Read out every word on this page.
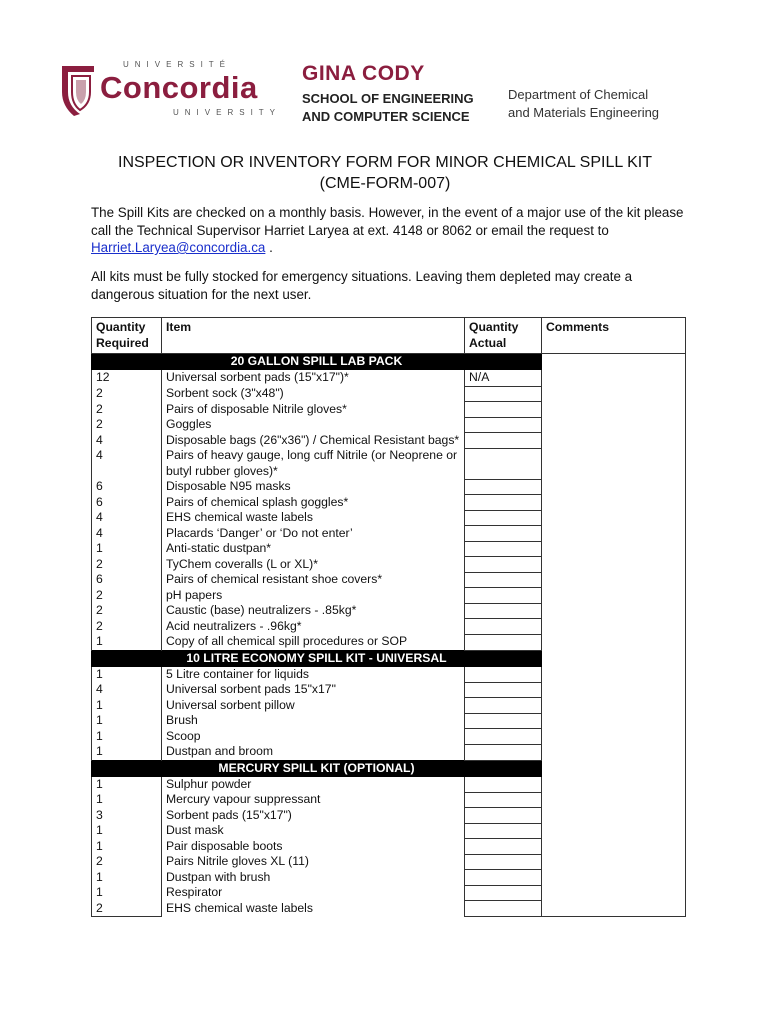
UNIVERSITÉ
Concordia
UNIVERSITY
GINA CODY
SCHOOL OF ENGINEERING
AND COMPUTER SCIENCE
Department of Chemical
and Materials Engineering
INSPECTION OR INVENTORY FORM FOR MINOR CHEMICAL SPILL KIT
(CME-FORM-007)
The Spill Kits are checked on a monthly basis. However, in the event of a major use of the kit please call the Technical Supervisor Harriet Laryea at ext. 4148 or 8062 or email the request to Harriet.Laryea@concordia.ca .
All kits must be fully stocked for emergency situations. Leaving them depleted may create a dangerous situation for the next user.
Quantity Required	Item	Quantity Actual	Comments
20 GALLON SPILL LAB PACK			
12	Universal sorbent pads (15"x17")*	N/A	
2	Sorbent sock (3"x48")		
2	Pairs of disposable Nitrile gloves*		
2	Goggles		
4	Disposable bags (26"x36") / Chemical Resistant bags*		
4	Pairs of heavy gauge, long cuff Nitrile (or Neoprene or butyl rubber gloves)*		
6	Disposable N95 masks		
6	Pairs of chemical splash goggles*		
4	EHS chemical waste labels		
4	Placards ‘Danger’ or ‘Do not enter’		
1	Anti-static dustpan*		
2	TyChem coveralls (L or XL)*		
6	Pairs of chemical resistant shoe covers*		
2	pH papers		
2	Caustic (base) neutralizers - .85kg*		
2	Acid neutralizers - .96kg*		
1	Copy of all chemical spill procedures or SOP		
10 LITRE ECONOMY SPILL KIT - UNIVERSAL			
1	5 Litre container for liquids		
4	Universal sorbent pads 15"x17"		
1	Universal sorbent pillow		
1	Brush		
1	Scoop		
1	Dustpan and broom		
MERCURY SPILL KIT (OPTIONAL)			
1	Sulphur powder		
1	Mercury vapour suppressant		
3	Sorbent pads (15"x17")		
1	Dust mask		
1	Pair disposable boots		
2	Pairs Nitrile gloves XL (11)		
1	Dustpan with brush		
1	Respirator		
2	EHS chemical waste labels		
